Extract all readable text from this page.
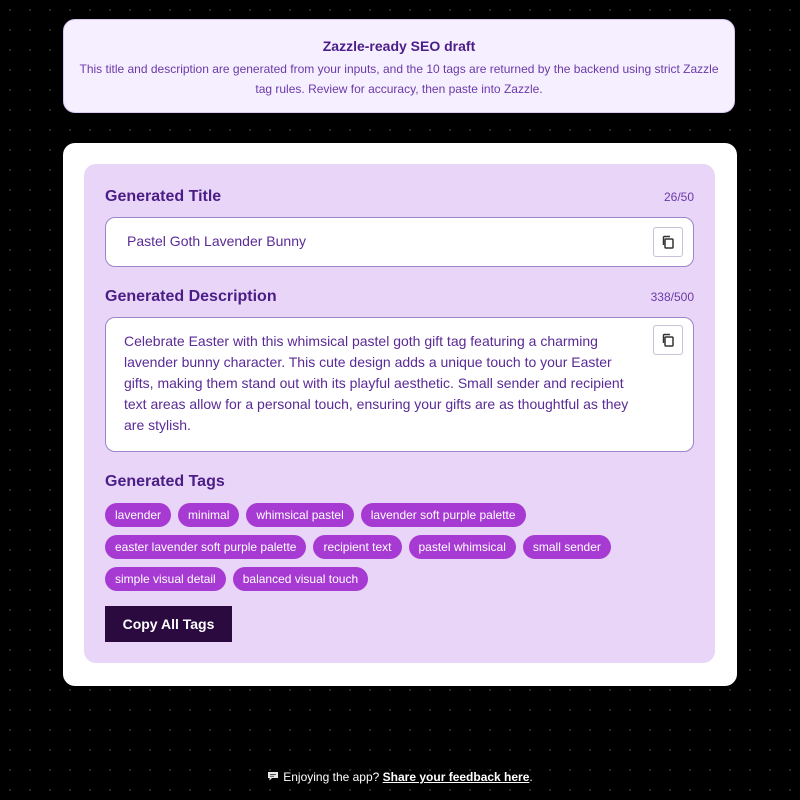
Zazzle-ready SEO draft
This title and description are generated from your inputs, and the 10 tags are returned by the backend using strict Zazzle tag rules. Review for accuracy, then paste into Zazzle.
Generated Title	26/50
Pastel Goth Lavender Bunny
Generated Description	338/500
Celebrate Easter with this whimsical pastel goth gift tag featuring a charming lavender bunny character. This cute design adds a unique touch to your Easter gifts, making them stand out with its playful aesthetic. Small sender and recipient text areas allow for a personal touch, ensuring your gifts are as thoughtful as they are stylish.
Generated Tags
lavender	minimal	whimsical pastel	lavender soft purple palette
easter lavender soft purple palette	recipient text	pastel whimsical	small sender
simple visual detail	balanced visual touch
Copy All Tags
Enjoying the app? Share your feedback here.
